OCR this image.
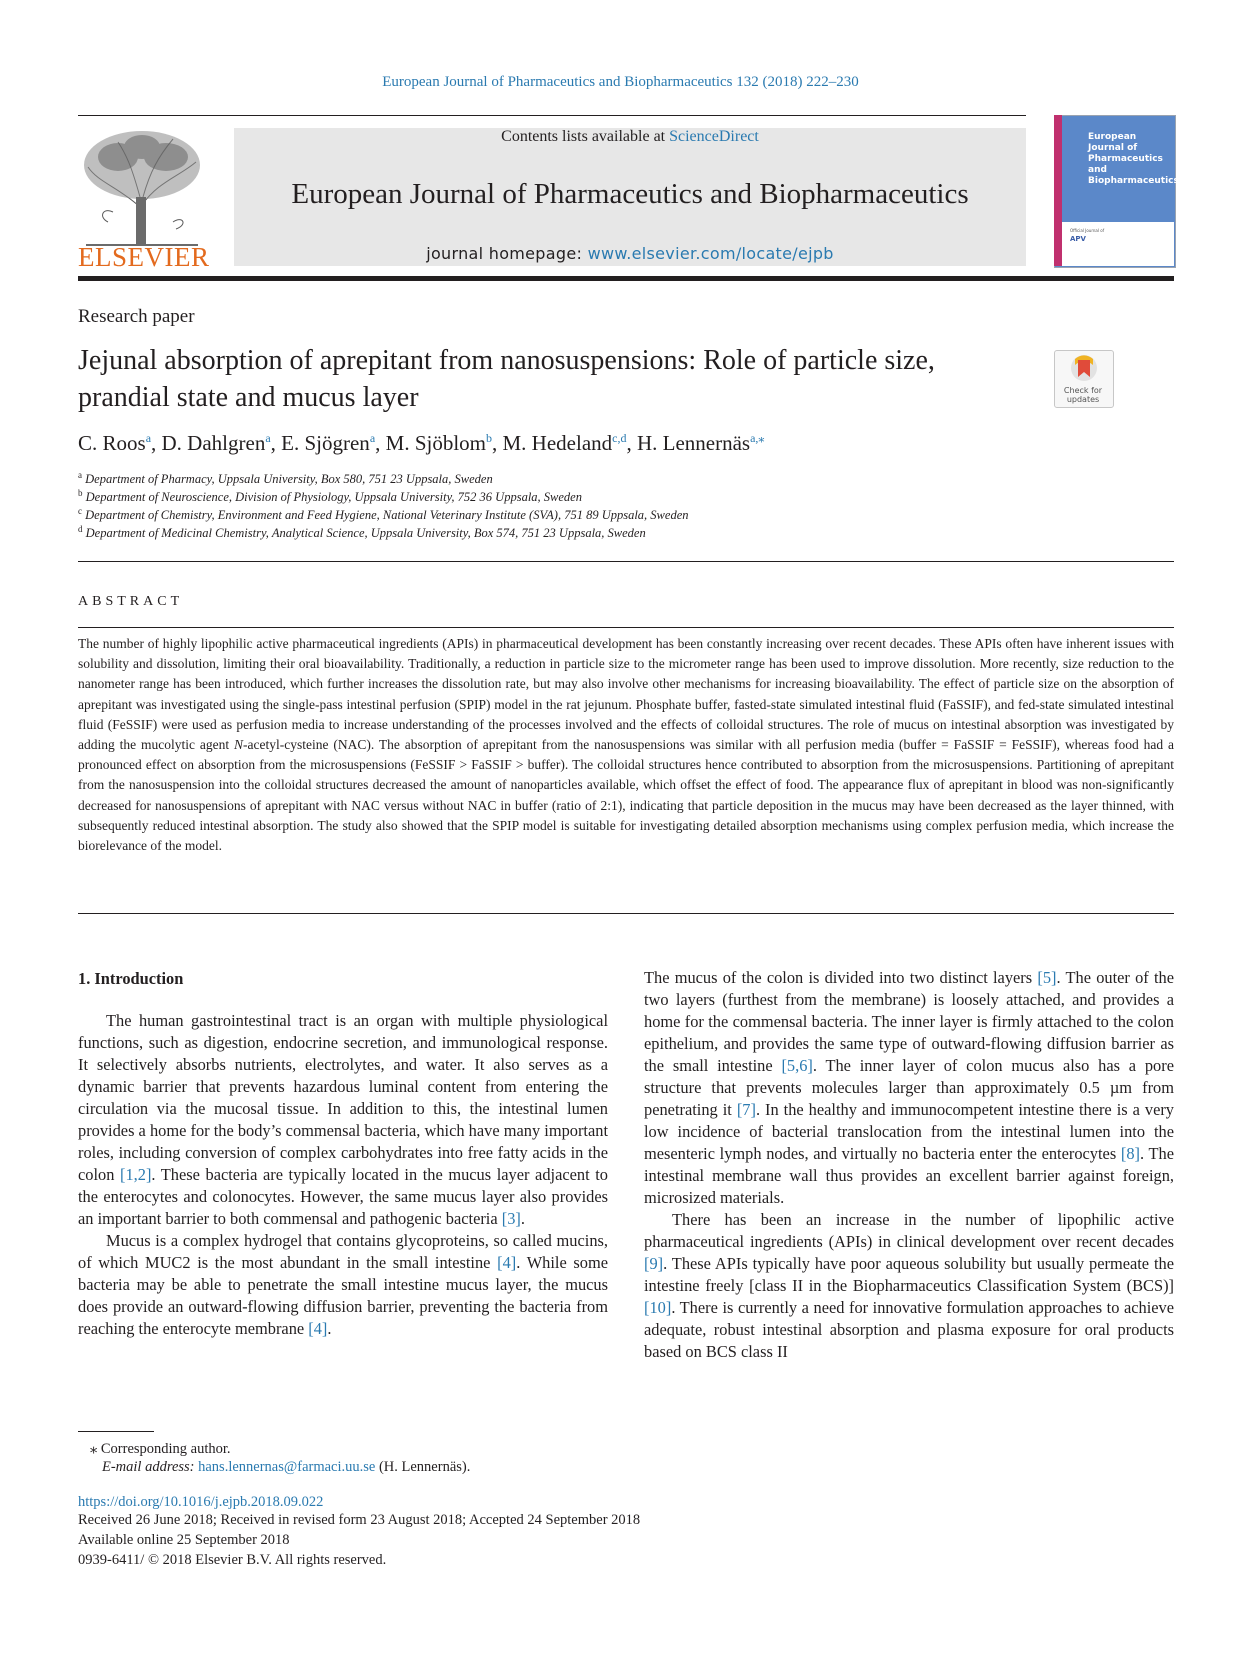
European Journal of Pharmaceutics and Biopharmaceutics 132 (2018) 222–230
ELSEVIER
Contents lists available at ScienceDirect
European Journal of Pharmaceutics and Biopharmaceutics
journal homepage: www.elsevier.com/locate/ejpb
European
Journal of
Pharmaceutics and
Biopharmaceutics
Official Journal of
APV
Research paper
Jejunal absorption of aprepitant from nanosuspensions: Role of particle size,
prandial state and mucus layer	Check for
updates
C. Roos$^a$, D. Dahlgren$^a$, E. Sjögren$^a$, M. Sjöblom$^b$, M. Hedeland$^{c,d}$, H. Lennernäs$^{a,⁎}$
$^a$ Department of Pharmacy, Uppsala University, Box 580, 751 23 Uppsala, Sweden
$^b$ Department of Neuroscience, Division of Physiology, Uppsala University, 752 36 Uppsala, Sweden
$^c$ Department of Chemistry, Environment and Feed Hygiene, National Veterinary Institute (SVA), 751 89 Uppsala, Sweden
$^d$ Department of Medicinal Chemistry, Analytical Science, Uppsala University, Box 574, 751 23 Uppsala, Sweden
ABSTRACT
The number of highly lipophilic active pharmaceutical ingredients (APIs) in pharmaceutical development has been constantly increasing over recent decades. These APIs often have inherent issues with solubility and dissolution, limiting their oral bioavailability. Traditionally, a reduction in particle size to the micrometer range has been used to improve dissolution. More recently, size reduction to the nanometer range has been introduced, which further increases the dissolution rate, but may also involve other mechanisms for increasing bioavailability. The effect of particle size on the absorption of aprepitant was investigated using the single-pass intestinal perfusion (SPIP) model in the rat jejunum. Phosphate buffer, fasted-state simulated intestinal fluid (FaSSIF), and fed-state simulated intestinal fluid (FeSSIF) were used as perfusion media to increase understanding of the processes involved and the effects of colloidal structures. The role of mucus on intestinal absorption was investigated by adding the mucolytic agent N-acetyl-cysteine (NAC). The absorption of aprepitant from the nanosuspensions was similar with all perfusion media (buffer = FaSSIF = FeSSIF), whereas food had a pronounced effect on absorption from the microsuspensions (FeSSIF > FaSSIF > buffer). The colloidal structures hence contributed to absorption from the microsuspensions. Partitioning of aprepitant from the nanosuspension into the colloidal structures decreased the amount of nanoparticles available, which offset the effect of food. The appearance flux of aprepitant in blood was non-significantly decreased for nanosuspensions of aprepitant with NAC versus without NAC in buffer (ratio of 2:1), indicating that particle deposition in the mucus may have been decreased as the layer thinned, with subsequently reduced intestinal absorption. The study also showed that the SPIP model is suitable for investigating detailed absorption mechanisms using complex perfusion media, which increase the biorelevance of the model.
1. Introduction

The human gastrointestinal tract is an organ with multiple physiological functions, such as digestion, endocrine secretion, and immunological response. It selectively absorbs nutrients, electrolytes, and water. It also serves as a dynamic barrier that prevents hazardous luminal content from entering the circulation via the mucosal tissue. In addition to this, the intestinal lumen provides a home for the body’s commensal bacteria, which have many important roles, including conversion of complex carbohydrates into free fatty acids in the colon [1,2]. These bacteria are typically located in the mucus layer adjacent to the enterocytes and colonocytes. However, the same mucus layer also provides an important barrier to both commensal and pathogenic bacteria [3].

Mucus is a complex hydrogel that contains glycoproteins, so called mucins, of which MUC2 is the most abundant in the small intestine [4]. While some bacteria may be able to penetrate the small intestine mucus layer, the mucus does provide an outward-flowing diffusion barrier, preventing the bacteria from reaching the enterocyte membrane [4].

The mucus of the colon is divided into two distinct layers [5]. The outer of the two layers (furthest from the membrane) is loosely attached, and provides a home for the commensal bacteria. The inner layer is firmly attached to the colon epithelium, and provides the same type of outward-flowing diffusion barrier as the small intestine [5,6]. The inner layer of colon mucus also has a pore structure that prevents molecules larger than approximately 0.5 µm from penetrating it [7]. In the healthy and immunocompetent intestine there is a very low incidence of bacterial translocation from the intestinal lumen into the mesenteric lymph nodes, and virtually no bacteria enter the enterocytes [8]. The intestinal membrane wall thus provides an excellent barrier against foreign, microsized materials.

There has been an increase in the number of lipophilic active pharmaceutical ingredients (APIs) in clinical development over recent decades [9]. These APIs typically have poor aqueous solubility but usually permeate the intestine freely [class II in the Biopharmaceutics Classification System (BCS)] [10]. There is currently a need for innovative formulation approaches to achieve adequate, robust intestinal absorption and plasma exposure for oral products based on BCS class II

⁎ Corresponding author.
E-mail address: hans.lennernas@farmaci.uu.se (H. Lennernäs).
https://doi.org/10.1016/j.ejpb.2018.09.022
Received 26 June 2018; Received in revised form 23 August 2018; Accepted 24 September 2018
Available online 25 September 2018
0939-6411/ © 2018 Elsevier B.V. All rights reserved.
